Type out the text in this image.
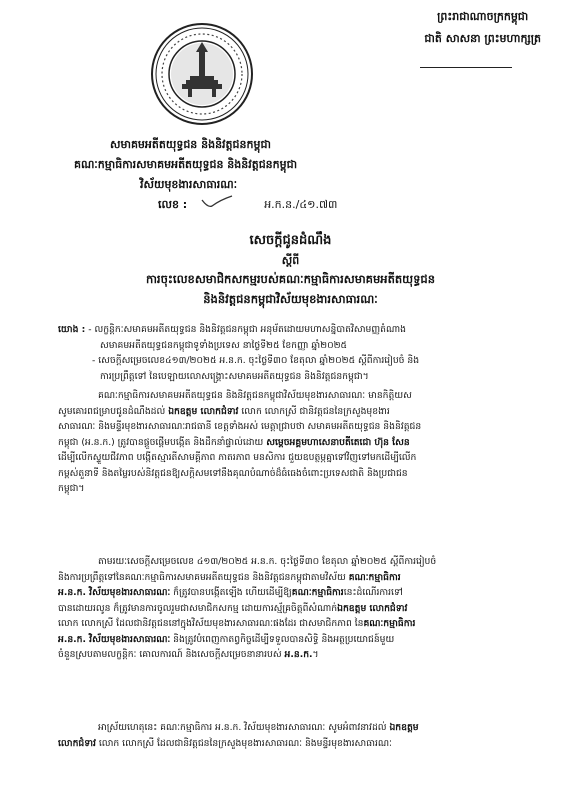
ព្រះរាជាណាចក្រកម្ពុជា
ជាតិ សាសនា ព្រះមហាក្សត្រ
សមាគមអតីតយុទ្ធជន និងនិវត្តជនកម្ពុជា
គណៈកម្មាធិការសមាគមអតីតយុទ្ធជន និងនិវត្តជនកម្ពុជា
វិស័យមុខងារសាធារណៈ
លេខ :	អ.ក.ន./៤១.៧៣
សេចក្តីជូនដំណឹង
ស្តីពី
ការចុះលេខ​សមាជិកសកម្មរបស់គណៈកម្មាធិការសមាគមអតីតយុទ្ធជន
និងនិវត្តជនកម្ពុជាវិស័យមុខងារសាធារណៈ
យោង : - លក្ខន្តិកៈសមាគមអតីតយុទ្ធជន និងនិវត្តជនកម្ពុជា អនុម័តដោយមហាសន្និបាតវិសាមញ្ញតំណាង
សមាគមអតីតយុទ្ធជនកម្ពុជាទូទាំងប្រទេស នាថ្ងៃទី២៥ ខែកញ្ញា ឆ្នាំ២០២៥
- សេចក្តីសម្រេចលេខ៤១៣/២០២៥ អ.ន.ក. ចុះថ្ងៃទី៣០ ខែតុលា ឆ្នាំ២០២៥ ស្តីពីការរៀបចំ និង
ការប្រព្រឹត្តទៅ នៃបេឡាយលោសង្គ្រោះសមាគមអតីតយុទ្ធជន និងនិវត្តជនកម្ពុជា។

គណៈកម្មាធិការសមាគមអតីតយុទ្ធជន និងនិវត្តជនកម្ពុជាវិស័យមុខងារសាធារណៈ មានកិត្តិយស

សូមគោរពជម្រាបជូនដំណឹងដល់ ឯកឧត្តម លោកជំទាវ លោក លោកស្រី ជានិវត្តជននៃក្រសួងមុខងារ

សាធារណៈ និងមន្ទីរមុខងារសាធារណៈរាជធានី ខេត្តទាំងអស់ មេត្តាជ្រាបថា សមាគមអតីតយុទ្ធជន និងនិវត្តជន

កម្ពុជា (អ.ន.ក.) ត្រូវបានផ្តួចផ្តើមបង្កើត និងដឹកនាំផ្ទាល់ដោយ សម្តេចអគ្គមហាសេនាបតីតេជោ ហ៊ុន សែន

ដើម្បីលើកស្ទួយជីវភាព បង្កើតស្មារតីសាមគ្គីភាព ភាតរភាព មនសិការ ជួយឧបត្ថម្ភគ្នាទៅវិញទៅមកដើម្បីលើក

កម្ពស់តួនាទី និងតម្លៃរបស់និវត្តជនឱ្យសក្តិសមទៅនឹងគុណបំណាច់ដ៏ធំធេងចំពោះប្រទេសជាតិ និងប្រជាជន

កម្ពុជា។

តាមរយៈសេចក្តីសម្រេចលេខ ៤១៣/២០២៥ អ.ន.ក. ចុះថ្ងៃទី៣០ ខែតុលា ឆ្នាំ២០២៥ ស្តីពីការរៀបចំ

និងការប្រព្រឹត្តទៅនៃគណៈកម្មាធិការសមាគមអតីតយុទ្ធជន និងនិវត្តជនកម្ពុជាតាមវិស័យ គណៈកម្មាធិការ

អ.ន.ក. វិស័យមុខងារសាធារណៈ ក៏ត្រូវបានបង្កើតឡើង ហើយដើម្បីឱ្យគណៈកម្មាធិការនេះដំណើរការទៅ

បានដោយរលូន ក៏ត្រូវមានការចូលរួមជាសមាជិកសកម្ម ដោយការស្ម័គ្រចិត្តពីសំណាក់ឯកឧត្តម លោកជំទាវ

លោក លោកស្រី ដែលជានិវត្តជននៅក្នុងវិស័យមុខងារសាធារណៈផងដែរ ជាសមាជិកភាព នៃគណៈកម្មាធិការ

អ.ន.ក. វិស័យមុខងារសាធារណៈ និងត្រូវបំពេញកាតព្វកិច្ចដើម្បីទទួលបានសិទ្ធិ និងអត្ថប្រយោជន៍មួយ

ចំនួនស្របតាមលក្ខន្តិកៈ គោលការណ៍ និងសេចក្តីសម្រេចនានារបស់ អ.ន.ក.។

អាស្រ័យហេតុនេះ គណៈកម្មាធិការ អ.ន.ក. វិស័យមុខងារសាធារណៈ សូមអំពាវនាវដល់ ឯកឧត្តម

លោកជំទាវ លោក លោកស្រី ដែលជានិវត្តជននៃក្រសួងមុខងារសាធារណៈ និងមន្ទីរមុខងារសាធារណៈ
